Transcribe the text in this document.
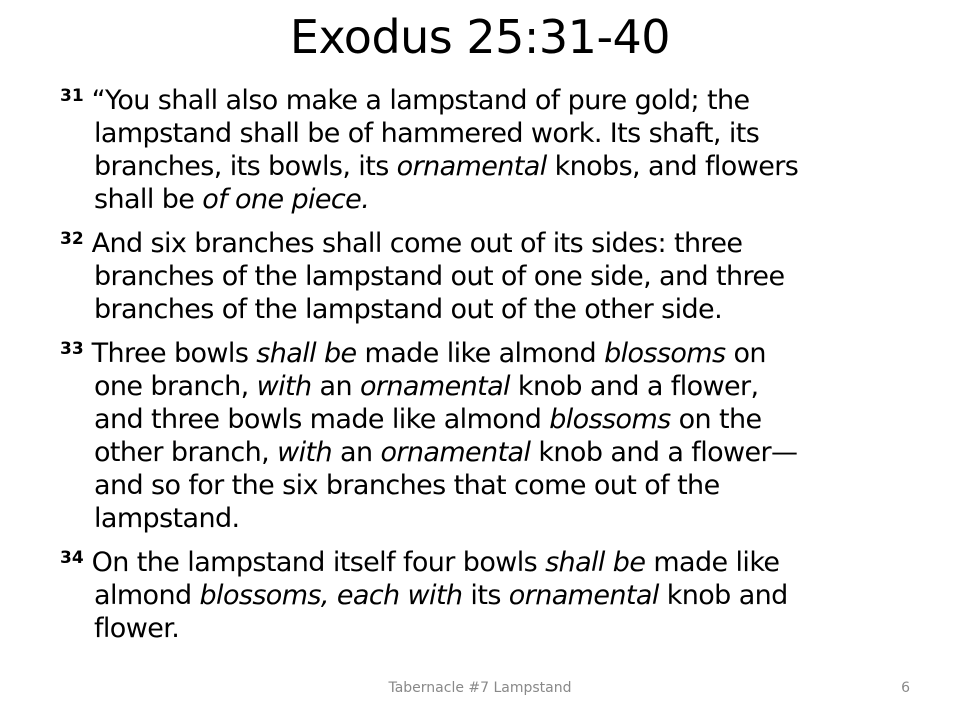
Exodus 25:31-40

$^{31}$ “You shall also make a lampstand of pure gold; the
lampstand shall be of hammered work. Its shaft, its
branches, its bowls, its ornamental knobs, and flowers
shall be of one piece.

$^{32}$ And six branches shall come out of its sides: three
branches of the lampstand out of one side, and three
branches of the lampstand out of the other side.

$^{33}$ Three bowls shall be made like almond blossoms on
one branch, with an ornamental knob and a flower,
and three bowls made like almond blossoms on the
other branch, with an ornamental knob and a flower—
and so for the six branches that come out of the
lampstand.

$^{34}$ On the lampstand itself four bowls shall be made like
almond blossoms, each with its ornamental knob and
flower.

Tabernacle #7 Lampstand	6
